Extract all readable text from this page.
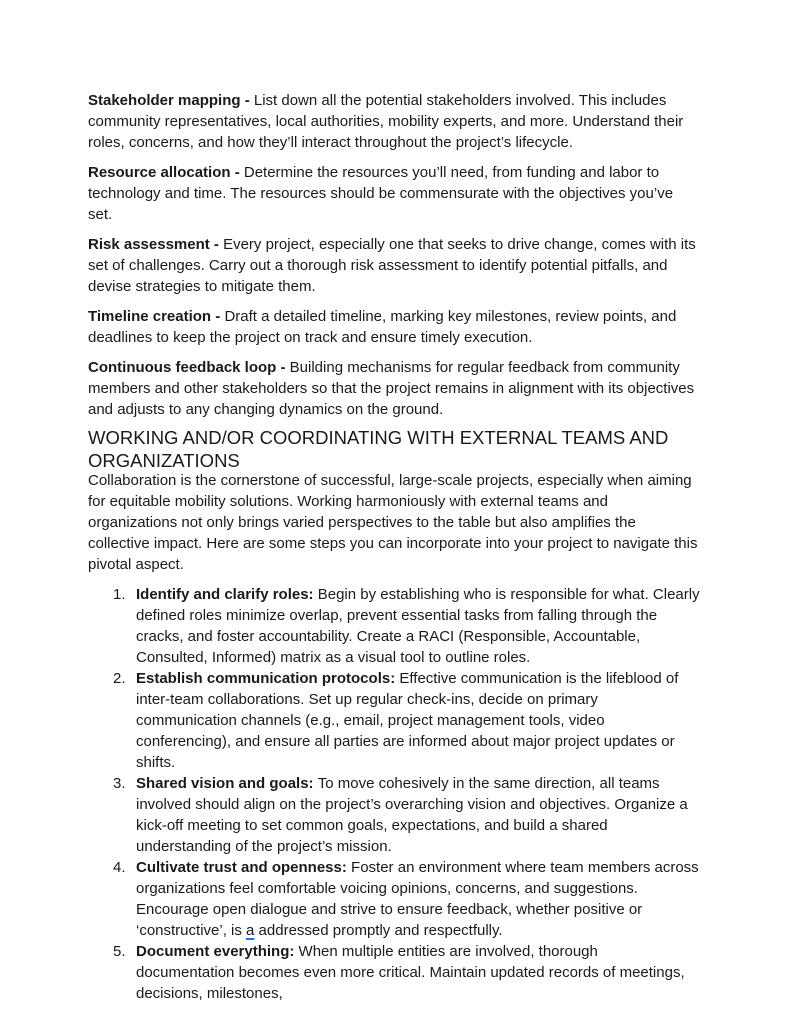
Stakeholder mapping - List down all the potential stakeholders involved. This includes community representatives, local authorities, mobility experts, and more. Understand their roles, concerns, and how they’ll interact throughout the project’s lifecycle.

Resource allocation - Determine the resources you’ll need, from funding and labor to technology and time. The resources should be commensurate with the objectives you’ve set.

Risk assessment - Every project, especially one that seeks to drive change, comes with its set of challenges. Carry out a thorough risk assessment to identify potential pitfalls, and devise strategies to mitigate them.

Timeline creation - Draft a detailed timeline, marking key milestones, review points, and deadlines to keep the project on track and ensure timely execution.

Continuous feedback loop - Building mechanisms for regular feedback from community members and other stakeholders so that the project remains in alignment with its objectives and adjusts to any changing dynamics on the ground.

WORKING AND/OR COORDINATING WITH EXTERNAL TEAMS AND ORGANIZATIONS

Collaboration is the cornerstone of successful, large-scale projects, especially when aiming for equitable mobility solutions. Working harmoniously with external teams and organizations not only brings varied perspectives to the table but also amplifies the collective impact. Here are some steps you can incorporate into your project to navigate this pivotal aspect.

1. Identify and clarify roles: Begin by establishing who is responsible for what. Clearly defined roles minimize overlap, prevent essential tasks from falling through the cracks, and foster accountability. Create a RACI (Responsible, Accountable, Consulted, Informed) matrix as a visual tool to outline roles.
2. Establish communication protocols: Effective communication is the lifeblood of inter-team collaborations. Set up regular check-ins, decide on primary communication channels (e.g., email, project management tools, video conferencing), and ensure all parties are informed about major project updates or shifts.
3. Shared vision and goals: To move cohesively in the same direction, all teams involved should align on the project’s overarching vision and objectives. Organize a kick-off meeting to set common goals, expectations, and build a shared understanding of the project’s mission.
4. Cultivate trust and openness: Foster an environment where team members across organizations feel comfortable voicing opinions, concerns, and suggestions. Encourage open dialogue and strive to ensure feedback, whether positive or ‘constructive’, is a addressed promptly and respectfully.
5. Document everything: When multiple entities are involved, thorough documentation becomes even more critical. Maintain updated records of meetings, decisions, milestones,
